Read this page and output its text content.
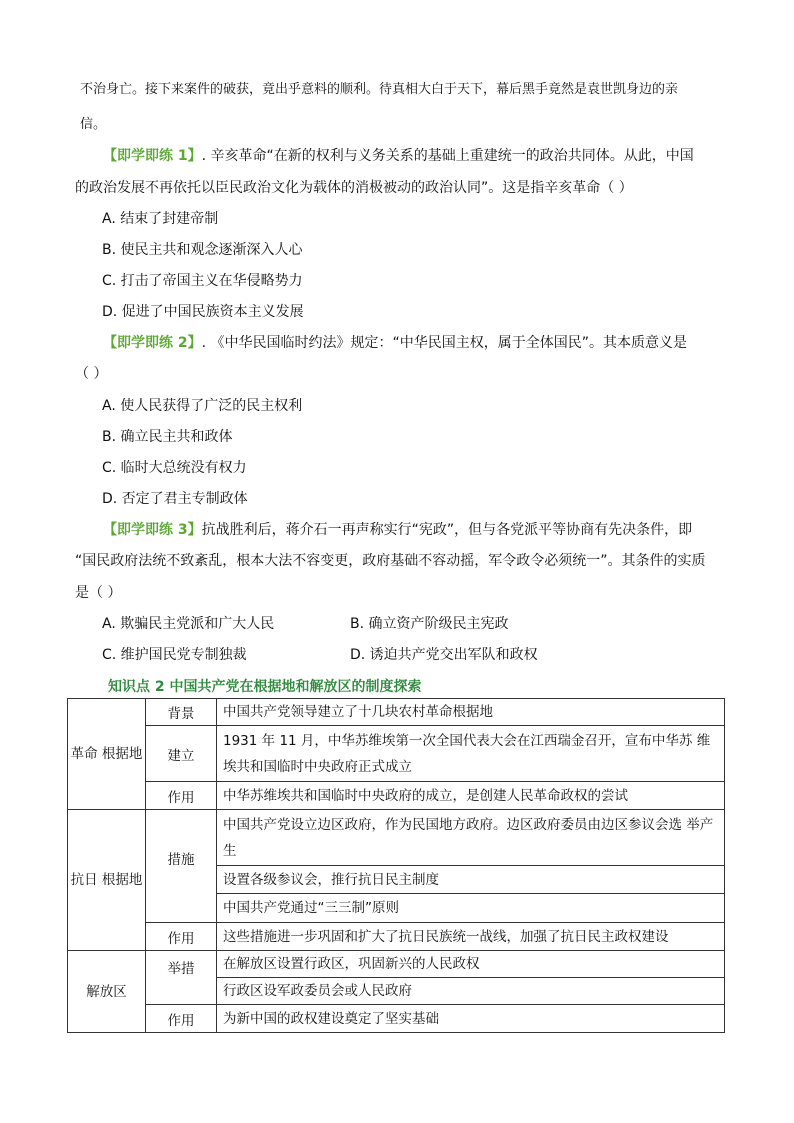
不治身亡。接下来案件的破获，竟出乎意料的顺利。待真相大白于天下，幕后黑手竟然是袁世凯身边的亲
信。
【即学即练 1】. 辛亥革命“在新的权利与义务关系的基础上重建统一的政治共同体。从此，中国
的政治发展不再依托以臣民政治文化为载体的消极被动的政治认同”。这是指辛亥革命（ ）
A. 结束了封建帝制
B. 使民主共和观念逐渐深入人心
C. 打击了帝国主义在华侵略势力
D. 促进了中国民族资本主义发展
【即学即练 2】. 《中华民国临时约法》规定：“中华民国主权，属于全体国民”。其本质意义是
（ ）
A. 使人民获得了广泛的民主权利
B. 确立民主共和政体
C. 临时大总统没有权力
D. 否定了君主专制政体
【即学即练 3】抗战胜利后，蒋介石一再声称实行“宪政”，但与各党派平等协商有先决条件，即
“国民政府法统不致紊乱，根本大法不容变更，政府基础不容动摇，军令政令必须统一”。其条件的实质
是（ ）
A. 欺骗民主党派和广大人民	B. 确立资产阶级民主宪政
C. 维护国民党专制独裁	D. 诱迫共产党交出军队和政权
知识点 2 中国共产党在根据地和解放区的制度探索
革命 根据地	背景	中国共产党领导建立了十几块农村革命根据地
	建立	1931 年 11 月，中华苏维埃第一次全国代表大会在江西瑞金召开，宣布中华苏 维埃共和国临时中央政府正式成立
	作用	中华苏维埃共和国临时中央政府的成立，是创建人民革命政权的尝试
抗日 根据地	措施	中国共产党设立边区政府，作为民国地方政府。边区政府委员由边区参议会选 举产生
		设置各级参议会，推行抗日民主制度
		中国共产党通过“三三制”原则
	作用	这些措施进一步巩固和扩大了抗日民族统一战线，加强了抗日民主政权建设
解放区	举措	在解放区设置行政区，巩固新兴的人民政权
		行政区设军政委员会或人民政府
	作用	为新中国的政权建设奠定了坚实基础
